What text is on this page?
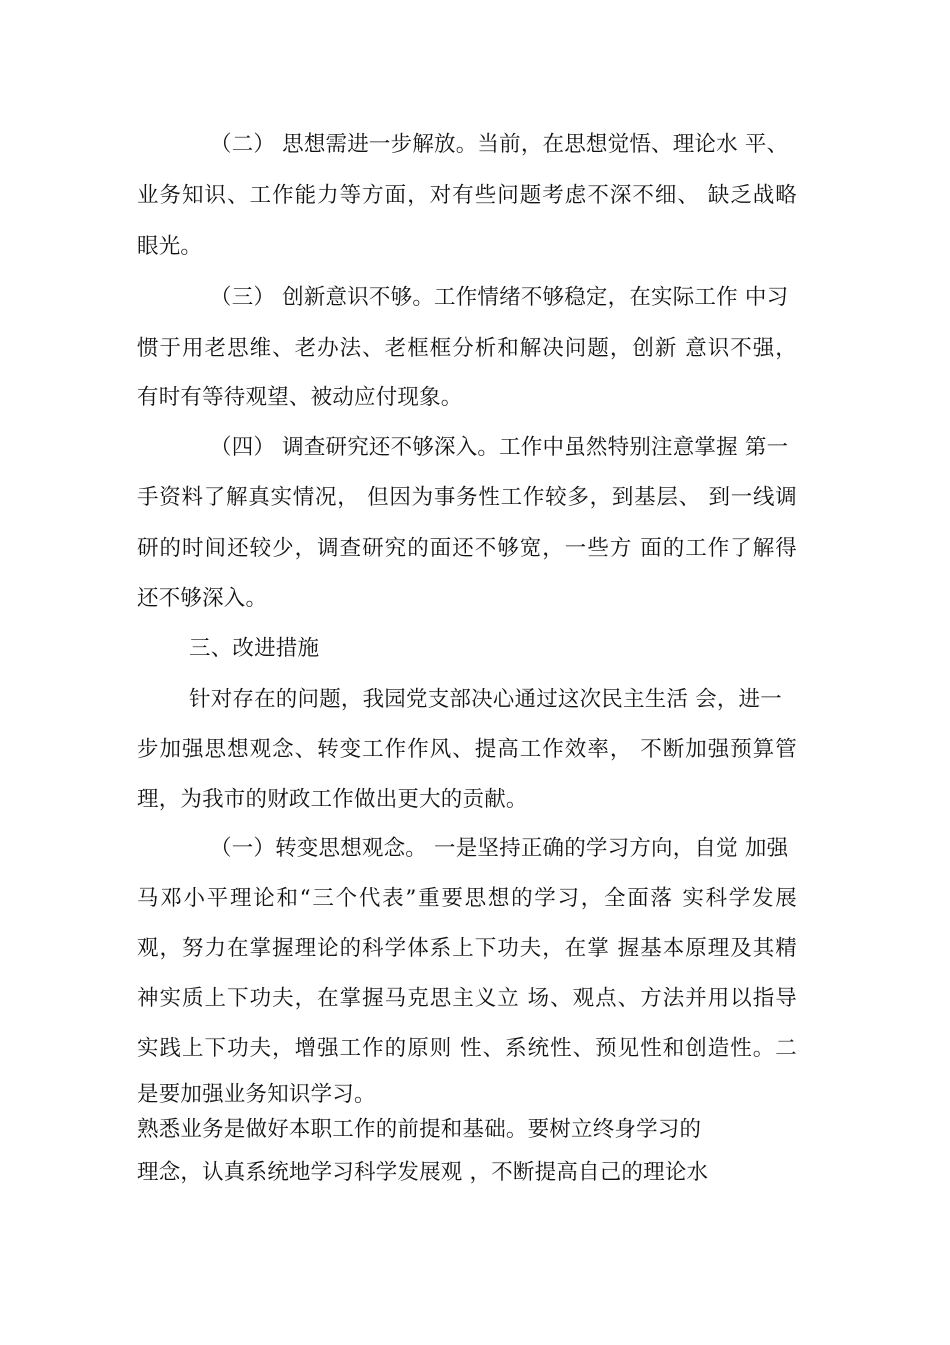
（二） 思想需进一步解放。当前，在思想觉悟、理论水 平、

业务知识、工作能力等方面，对有些问题考虑不深不细、 缺乏战略

眼光。

（三） 创新意识不够。工作情绪不够稳定，在实际工作 中习

惯于用老思维、老办法、老框框分析和解决问题，创新 意识不强，

有时有等待观望、被动应付现象。

（四） 调查研究还不够深入。工作中虽然特别注意掌握 第一

手资料了解真实情况， 但因为事务性工作较多，到基层、 到一线调

研的时间还较少，调查研究的面还不够宽，一些方 面的工作了解得

还不够深入。

三、改进措施

针对存在的问题，我园党支部决心通过这次民主生活 会，进一

步加强思想观念、转变工作作风、提高工作效率， 不断加强预算管

理，为我市的财政工作做出更大的贡献。

（一）转变思想观念。 一是坚持正确的学习方向，自觉 加强

马邓小平理论和“三个代表”重要思想的学习，全面落 实科学发展

观，努力在掌握理论的科学体系上下功夫，在掌 握基本原理及其精

神实质上下功夫，在掌握马克思主义立 场、观点、方法并用以指导

实践上下功夫，增强工作的原则 性、系统性、预见性和创造性。二

是要加强业务知识学习。

熟悉业务是做好本职工作的前提和基础。要树立终身学习的

理念，认真系统地学习科学发展观 ，不断提高自己的理论水
